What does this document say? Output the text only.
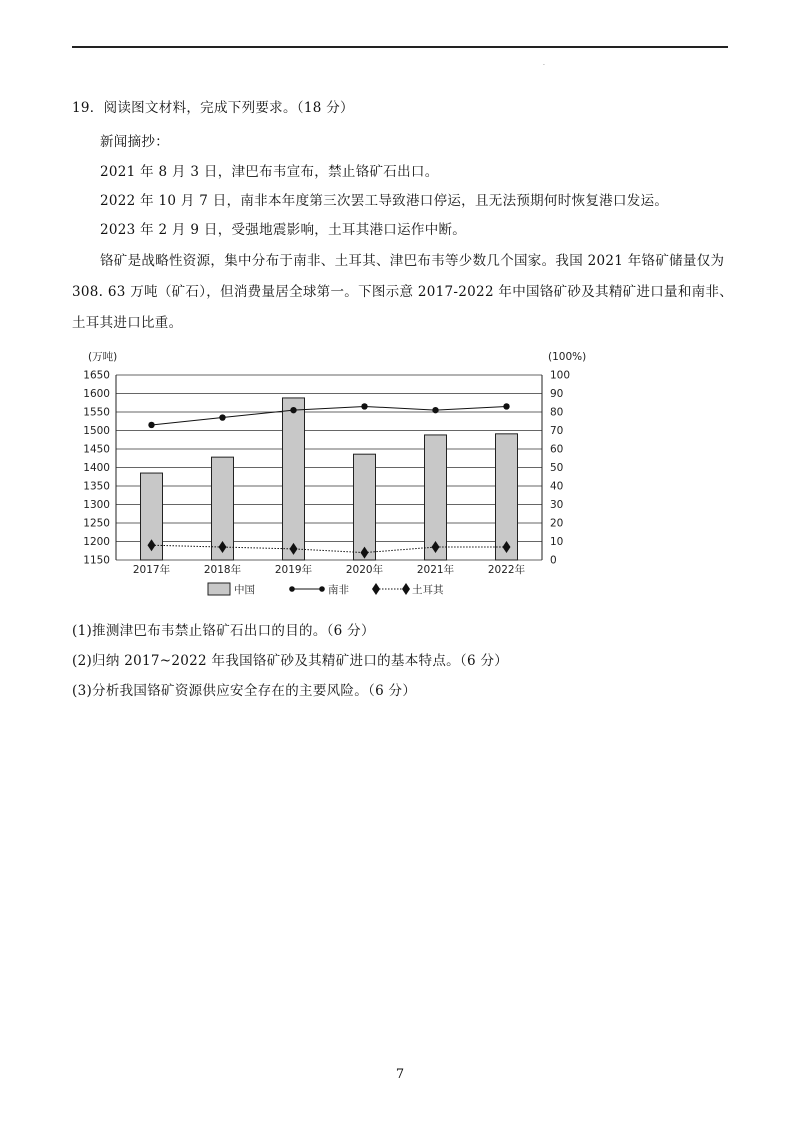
.
19．阅读图文材料，完成下列要求。（18 分）
新闻摘抄：
2021 年 8 月 3 日，津巴布韦宣布，禁止铬矿石出口。
2022 年 10 月 7 日，南非本年度第三次罢工导致港口停运，且无法预期何时恢复港口发运。
2023 年 2 月 9 日，受强地震影响，土耳其港口运作中断。
铬矿是战略性资源，集中分布于南非、土耳其、津巴布韦等少数几个国家。我国 2021 年铬矿储量仅为
308. 63 万吨（矿石），但消费量居全球第一。下图示意 2017-2022 年中国铬矿砂及其精矿进口量和南非、
土耳其进口比重。
1150
1200
1250
1300
1350
1400
1450
1500
1550
1600
1650
0
10
20
30
40
50
60
70
80
90
100
(万吨)	(100%)
2017年	2018年	2019年	2020年	2021年	2022年
中国	南非	土耳其
(1)推测津巴布韦禁止铬矿石出口的目的。（6 分）
(2)归纳 2017~2022 年我国铬矿砂及其精矿进口的基本特点。（6 分）
(3)分析我国铬矿资源供应安全存在的主要风险。（6 分）
7
